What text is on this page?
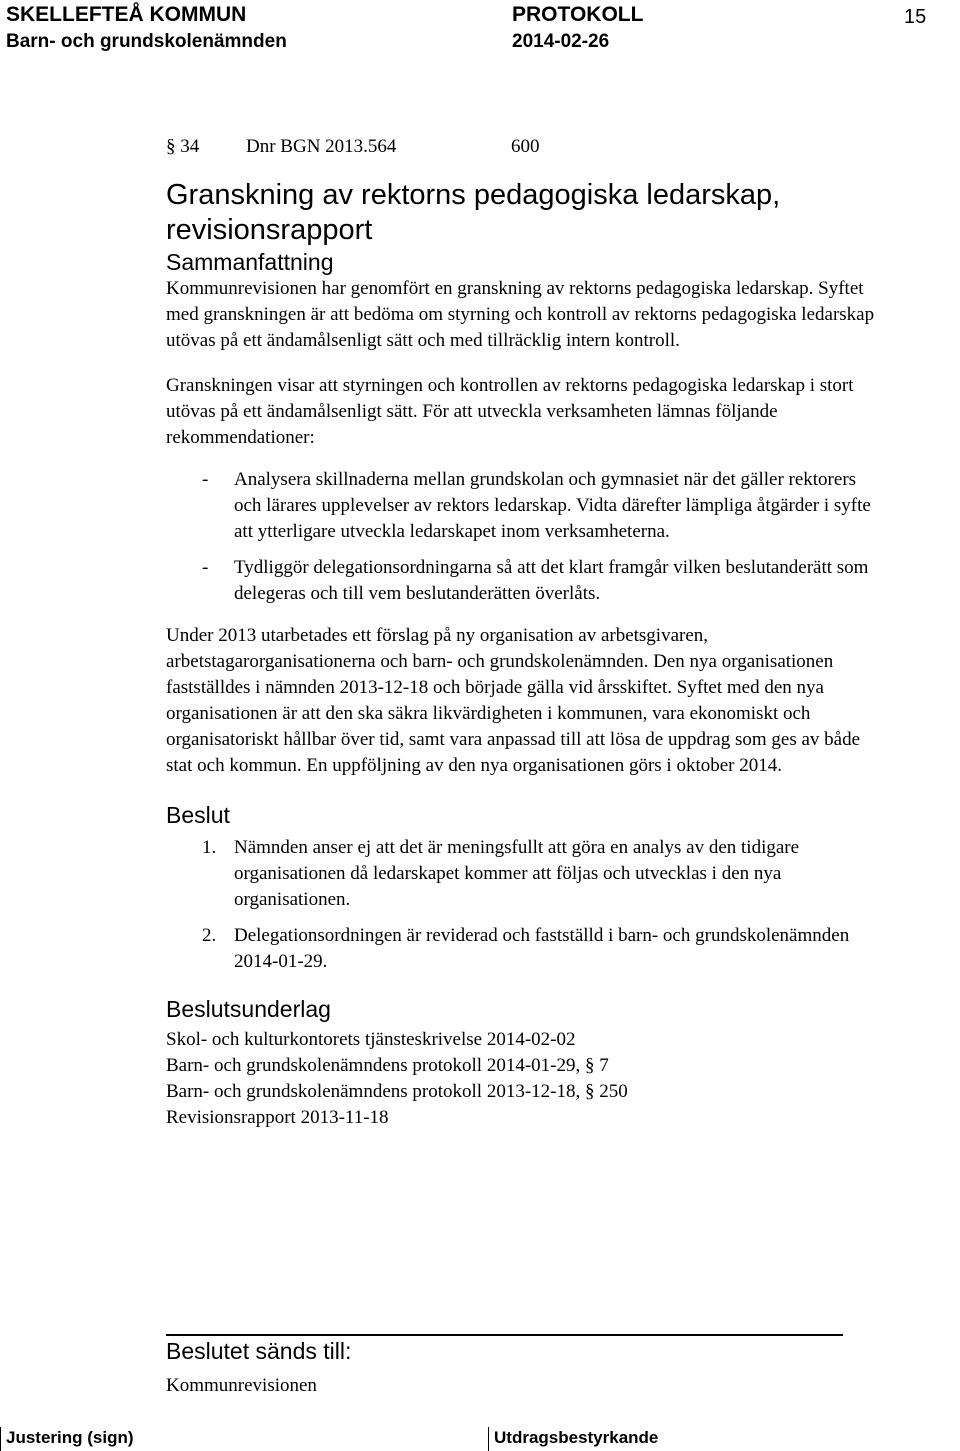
SKELLEFTEÅ KOMMUN
Barn- och grundskolenämnden
PROTOKOLL
2014-02-26
15
§ 34	Dnr BGN 2013.564	600
Granskning av rektorns pedagogiska ledarskap, revisionsrapport
Sammanfattning

Kommunrevisionen har genomfört en granskning av rektorns pedagogiska ledarskap. Syftet med granskningen är att bedöma om styrning och kontroll av rektorns pedagogiska ledarskap utövas på ett ändamålsenligt sätt och med tillräcklig intern kontroll.

Granskningen visar att styrningen och kontrollen av rektorns pedagogiska ledarskap i stort utövas på ett ändamålsenligt sätt. För att utveckla verksamheten lämnas följande rekommendationer:

- Analysera skillnaderna mellan grundskolan och gymnasiet när det gäller rektorers och lärares upplevelser av rektors ledarskap. Vidta därefter lämpliga åtgärder i syfte att ytterligare utveckla ledarskapet inom verksamheterna.
- Tydliggör delegationsordningarna så att det klart framgår vilken beslutanderätt som delegeras och till vem beslutanderätten överlåts.

Under 2013 utarbetades ett förslag på ny organisation av arbetsgivaren, arbetstagarorganisationerna och barn- och grundskolenämnden. Den nya organisationen fastställdes i nämnden 2013-12-18 och började gälla vid årsskiftet. Syftet med den nya organisationen är att den ska säkra likvärdigheten i kommunen, vara ekonomiskt och organisatoriskt hållbar över tid, samt vara anpassad till att lösa de uppdrag som ges av både stat och kommun. En uppföljning av den nya organisationen görs i oktober 2014.

Beslut
1. Nämnden anser ej att det är meningsfullt att göra en analys av den tidigare organisationen då ledarskapet kommer att följas och utvecklas i den nya organisationen.
2. Delegationsordningen är reviderad och fastställd i barn- och grundskolenämnden 2014-01-29.
Beslutsunderlag

Skol- och kulturkontorets tjänsteskrivelse 2014-02-02

Barn- och grundskolenämndens protokoll 2014-01-29, § 7

Barn- och grundskolenämndens protokoll 2013-12-18, § 250

Revisionsrapport 2013-11-18

Beslutet sänds till:
Kommunrevisionen
Justering (sign)	Utdragsbestyrkande
